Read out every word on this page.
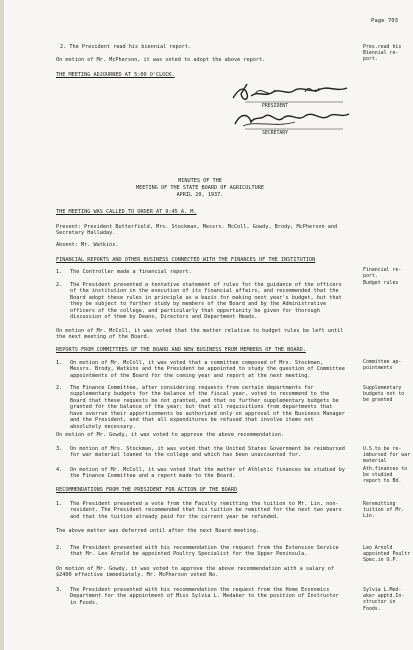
Page 703
2. The President read his biennial report.	Pres.read his Biennial re- port.
On motion of Mr. McPherson, it was voted to adopt the above report.
THE MEETING ADJOURNED AT 5:00 O'CLOCK.
PRESIDENT
SECRETARY
MINUTES OF THE
MEETING OF THE STATE BOARD OF AGRICULTURE
APRIL 20, 1937.
THE MEETING WAS CALLED TO ORDER AT 9:45 A. M.
Present: President Butterfield, Mrs. Stockman, Messrs. McColl, Gowdy, Brody, McPherson and Secretary Halladay.
Absent: Mr. Watkins.
FINANCIAL REPORTS AND OTHER BUSINESS CONNECTED WITH THE FINANCES OF THE INSTITUTION
1. The Controller made a financial report.	Financial re- port.
2. The President presented a tentative statement of rules for the guidance of the officers of the institution in the execution of its financial affairs, and recommended that the Board adopt these rules in principle as a basis for making next year's budget, but that they be subject to further study by members of the Board and by the Administrative officers of the college, and particularly that opportunity be given for thorough discussion of them by Deans, Directors and Department Heads.
Budget rules
On motion of Mr. McColl, it was voted that the matter relative to budget rules be left until the next meeting of the Board.
REPORTS FROM COMMITTEES OF THE BOARD AND NEW BUSINESS FROM MEMBERS OF THE BOARD.
1. On motion of Mr. McColl, it was voted that a committee composed of Mrs. Stockman, Messrs. Brody, Watkins and the President be appointed to study the question of Committee appointments of the Board for the coming year and report at the next meeting.
Committee ap- pointments
2. The Finance Committee, after considering requests from certain departments for supplementary budgets for the balance of the fiscal year, voted to recommend to the Board that these requests be not granted, and that no further supplementary budgets be granted for the balance of the year; but that all requisitions from departments that have overrun their apportionments be authorized only on approval of the Business Manager and the President, and that all expenditures be refused that involve items not absolutely necessary.
Supplementary budgets not to be granted
On motion of Mr. Gowdy, it was voted to approve the above recommendation.
3. On motion of Mrs. Stockman, it was voted that the United States Government be reimbursed for war material loaned to the college and which has been unaccounted for.
U.S.to be re- imbursed for war material
4. On motion of Mr. McColl, it was voted that the matter of Athletic finances be studied by the Finance Committee and a report made to the Board.
Ath.finances to be studied report to Bd.
RECOMMENDATIONS FROM THE PRESIDENT FOR ACTION OF THE BOARD
1. The President presented a vote from the Faculty remitting the tuition to Mr. Lin, non-resident. The President recommended that his tuition be remitted for the next two years and that the tuition already paid for the current year be refunded.
Reremitting tuition of Mr. Lin.
The above matter was deferred until after the next Board meeting.
2. The President presented with his recommendation the request from the Extension Service that Mr. Leo Arnold be appointed Poultry Specialist for the Upper Peninsula.
Leo Arnold appointed Poultr Spec.in U.P.
On motion of Mr. Gowdy, it was voted to approve the above recommendation with a salary of $2400 effective immediately. Mr. McPherson voted No.
3. The President presented with his recommendation the request from the Home Economics Department for the appointment of Miss Sylvia L. Medaker to the position of Instructor in Foods.
Sylvia L.Med- aker apptd.In- structor in Foods.
